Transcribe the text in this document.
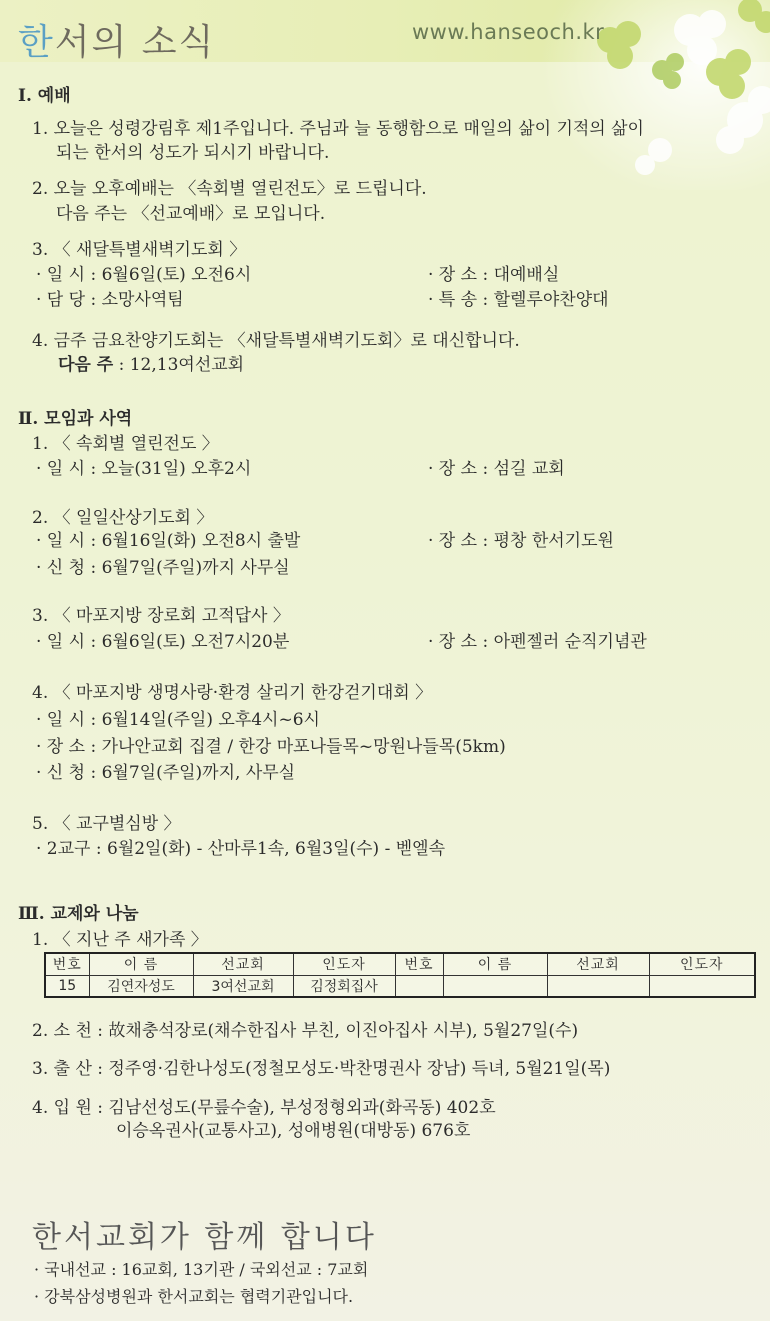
한서의 소식	www.hanseoch.kr
Ⅰ. 예배
1. 오늘은 성령강림후 제1주입니다. 주님과 늘 동행함으로 매일의 삶이 기적의 삶이
되는 한서의 성도가 되시기 바랍니다.
2. 오늘 오후예배는 〈속회별 열린전도〉로 드립니다.
다음 주는 〈선교예배〉로 모입니다.
3. 〈 새달특별새벽기도회 〉
· 일 시 : 6월6일(토) 오전6시	· 장 소 : 대예배실
· 담 당 : 소망사역팀	· 특 송 : 할렐루야찬양대
4. 금주 금요찬양기도회는 〈새달특별새벽기도회〉로 대신합니다.
다음 주 : 12,13여선교회
Ⅱ. 모임과 사역
1. 〈 속회별 열린전도 〉
· 일 시 : 오늘(31일) 오후2시	· 장 소 : 섬길 교회
2. 〈 일일산상기도회 〉
· 일 시 : 6월16일(화) 오전8시 출발	· 장 소 : 평창 한서기도원
· 신 청 : 6월7일(주일)까지 사무실
3. 〈 마포지방 장로회 고적답사 〉
· 일 시 : 6월6일(토) 오전7시20분	· 장 소 : 아펜젤러 순직기념관
4. 〈 마포지방 생명사랑·환경 살리기 한강걷기대회 〉
· 일 시 : 6월14일(주일) 오후4시~6시
· 장 소 : 가나안교회 집결 / 한강 마포나들목~망원나들목(5km)
· 신 청 : 6월7일(주일)까지, 사무실
5. 〈 교구별심방 〉
· 2교구 : 6월2일(화) - 산마루1속, 6월3일(수) - 벧엘속
Ⅲ. 교제와 나눔
1. 〈 지난 주 새가족 〉
번호	이 름	선교회	인도자	번호	이 름	선교회	인도자
15	김연자성도	3여선교회	김정회집사				
2. 소 천 : 故채충석장로(채수한집사 부친, 이진아집사 시부), 5월27일(수)
3. 출 산 : 정주영·김한나성도(정철모성도·박찬명권사 장남) 득녀, 5월21일(목)
4. 입 원 : 김남선성도(무릎수술), 부성정형외과(화곡동) 402호
이승옥권사(교통사고), 성애병원(대방동) 676호
한서교회가 함께 합니다
· 국내선교 : 16교회, 13기관 / 국외선교 : 7교회
· 강북삼성병원과 한서교회는 협력기관입니다.
